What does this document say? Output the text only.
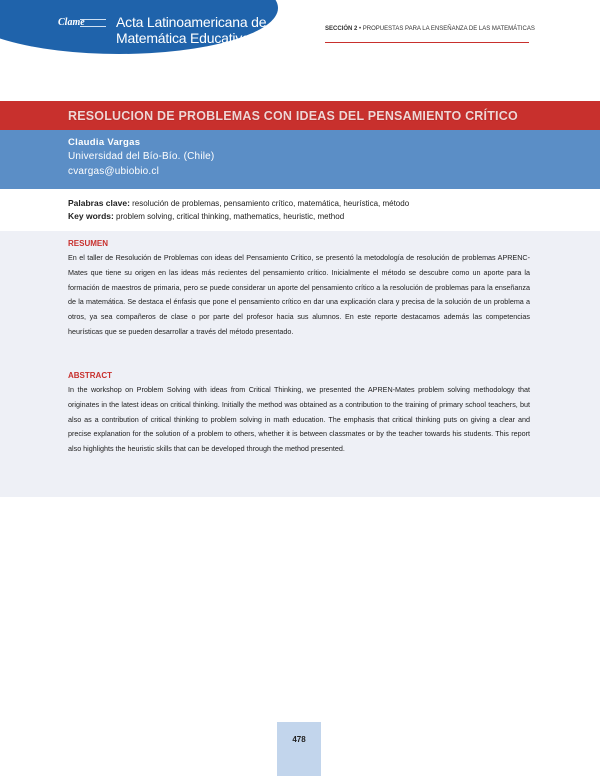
Clame Acta Latinoamericana de Matemática Educativa
SECCIÓN 2 • PROPUESTAS PARA LA ENSEÑANZA DE LAS MATEMÁTICAS
RESOLUCION DE PROBLEMAS CON IDEAS DEL PENSAMIENTO CRÍTICO
Claudia Vargas
Universidad del Bío-Bío. (Chile)
cvargas@ubiobio.cl
Palabras clave: resolución de problemas, pensamiento crítico, matemática, heurística, método
Key words: problem solving, critical thinking, mathematics, heuristic, method
RESUMEN
En el taller de Resolución de Problemas con ideas del Pensamiento Crítico, se presentó la metodología de resolución de problemas APRENC-Mates que tiene su origen en las ideas más recientes del pensamiento crítico. Inicialmente el método se descubre como un aporte para la formación de maestros de primaria, pero se puede considerar un aporte del pensamiento crítico a la resolución de problemas para la enseñanza de la matemática. Se destaca el énfasis que pone el pensamiento crítico en dar una explicación clara y precisa de la solución de un problema a otros, ya sea compañeros de clase o por parte del profesor hacia sus alumnos. En este reporte destacamos además las competencias heurísticas que se pueden desarrollar a través del método presentado.
ABSTRACT
In the workshop on Problem Solving with ideas from Critical Thinking, we presented the APREN-Mates problem solving methodology that originates in the latest ideas on critical thinking. Initially the method was obtained as a contribution to the training of primary school teachers, but also as a contribution of critical thinking to problem solving in math education. The emphasis that critical thinking puts on giving a clear and precise explanation for the solution of a problem to others, whether it is between classmates or by the teacher towards his students. This report also highlights the heuristic skills that can be developed through the method presented.
478
